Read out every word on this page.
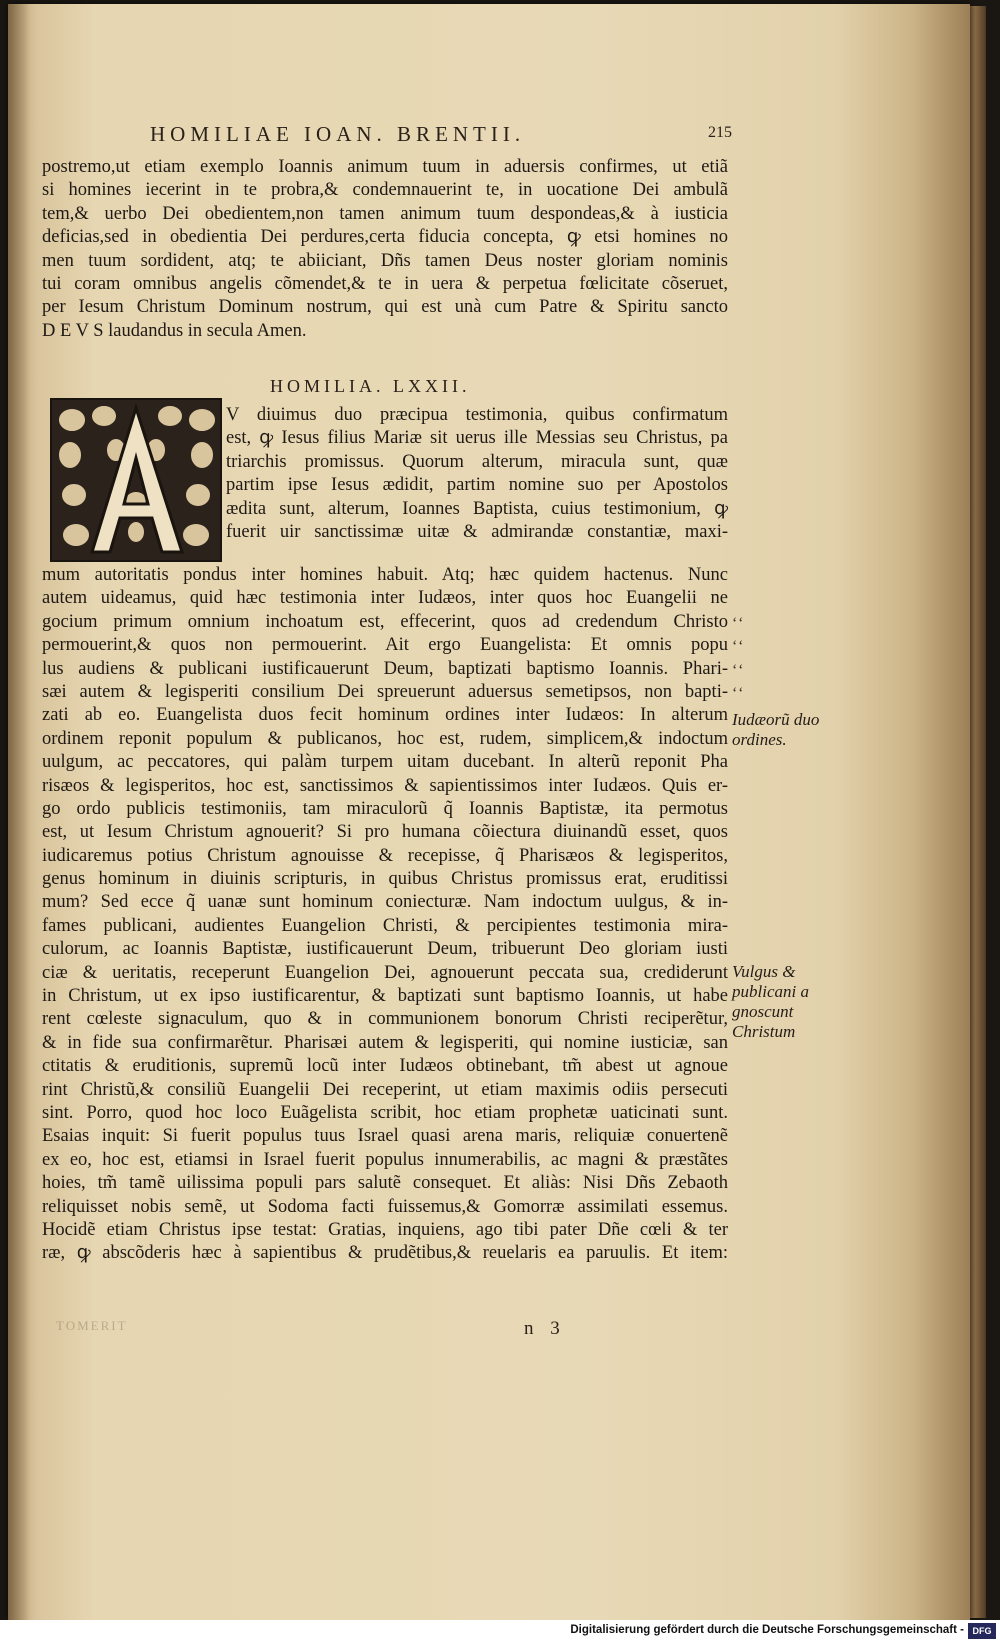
HOMILIAE IOAN. BRENTII.	215
postremo,ut etiam exemplo Ioannis animum tuum in aduersis confirmes, ut etiã
si homines iecerint in te probra,& condemnauerint te, in uocatione Dei ambulã
tem,& uerbo Dei obedientem,non tamen animum tuum despondeas,& à iusticia
deficias,sed in obedientia Dei perdures,certa fiducia concepta, ꝙ etsi homines no
men tuum sordident, atq; te abiiciant, Dñs tamen Deus noster gloriam nominis
tui coram omnibus angelis cõmendet,& te in uera & perpetua fœlicitate cõseruet,
per Iesum Christum Dominum nostrum, qui est unà cum Patre & Spiritu sancto
D E V S laudandus in secula Amen.
HOMILIA. LXXII.
V diuimus duo præcipua testimonia, quibus confirmatum
est, ꝙ Iesus filius Mariæ sit uerus ille Messias seu Christus, pa
triarchis promissus. Quorum alterum, miracula sunt, quæ
partim ipse Iesus ædidit, partim nomine suo per Apostolos
ædita sunt, alterum, Ioannes Baptista, cuius testimonium, ꝙ
fuerit uir sanctissimæ uitæ & admirandæ constantiæ, maxi-
mum autoritatis pondus inter homines habuit. Atq; hæc quidem hactenus. Nunc
autem uideamus, quid hæc testimonia inter Iudæos, inter quos hoc Euangelii ne
gocium primum omnium inchoatum est, effecerint, quos ad credendum Christo
permouerint,& quos non permouerint. Ait ergo Euangelista: Et omnis popu
lus audiens & publicani iustificauerunt Deum, baptizati baptismo Ioannis. Phari-
sæi autem & legisperiti consilium Dei spreuerunt aduersus semetipsos, non bapti-
zati ab eo. Euangelista duos fecit hominum ordines inter Iudæos: In alterum
ordinem reponit populum & publicanos, hoc est, rudem, simplicem,& indoctum
uulgum, ac peccatores, qui palàm turpem uitam ducebant. In alterũ reponit Pha
risæos & legisperitos, hoc est, sanctissimos & sapientissimos inter Iudæos. Quis er-
go ordo publicis testimoniis, tam miraculorũ q̃ Ioannis Baptistæ, ita permotus
est, ut Iesum Christum agnouerit? Si pro humana cõiectura diuinandũ esset, quos
iudicaremus potius Christum agnouisse & recepisse, q̃ Pharisæos & legisperitos,
genus hominum in diuinis scripturis, in quibus Christus promissus erat, eruditissi
mum? Sed ecce q̃ uanæ sunt hominum coniecturæ. Nam indoctum uulgus, & in-
fames publicani, audientes Euangelion Christi, & percipientes testimonia mira-
culorum, ac Ioannis Baptistæ, iustificauerunt Deum, tribuerunt Deo gloriam iusti
ciæ & ueritatis, receperunt Euangelion Dei, agnouerunt peccata sua, crediderunt
in Christum, ut ex ipso iustificarentur, & baptizati sunt baptismo Ioannis, ut habe
rent cœleste signaculum, quo & in communionem bonorum Christi reciperẽtur,
& in fide sua confirmarẽtur. Pharisæi autem & legisperiti, qui nomine iusticiæ, san
ctitatis & eruditionis, supremũ locũ inter Iudæos obtinebant, tm̃ abest ut agnoue
rint Christũ,& consiliũ Euangelii Dei receperint, ut etiam maximis odiis persecuti
sint. Porro, quod hoc loco Euãgelista scribit, hoc etiam prophetæ uaticinati sunt.
Esaias inquit: Si fuerit populus tuus Israel quasi arena maris, reliquiæ conuertenẽ
ex eo, hoc est, etiamsi in Israel fuerit populus innumerabilis, ac magni & præstãtes
hoies, tm̃ tamẽ uilissima populi pars salutẽ consequet. Et aliàs: Nisi Dñs Zebaoth
reliquisset nobis semẽ, ut Sodoma facti fuissemus,& Gomorræ assimilati essemus.
Hocidẽ etiam Christus ipse testat: Gratias, inquiens, ago tibi pater Dñe cœli & ter
ræ, ꝙ abscõderis hæc à sapientibus & prudẽtibus,& reuelaris ea paruulis. Et item:
‘‘
‘‘
‘‘
‘‘
Iudæorũ duo ordines.
Vulgus & publicani a gnoscunt Christum
TOMERIT	n 3
Digitalisierung gefördert durch die Deutsche Forschungsgemeinschaft - DFG
